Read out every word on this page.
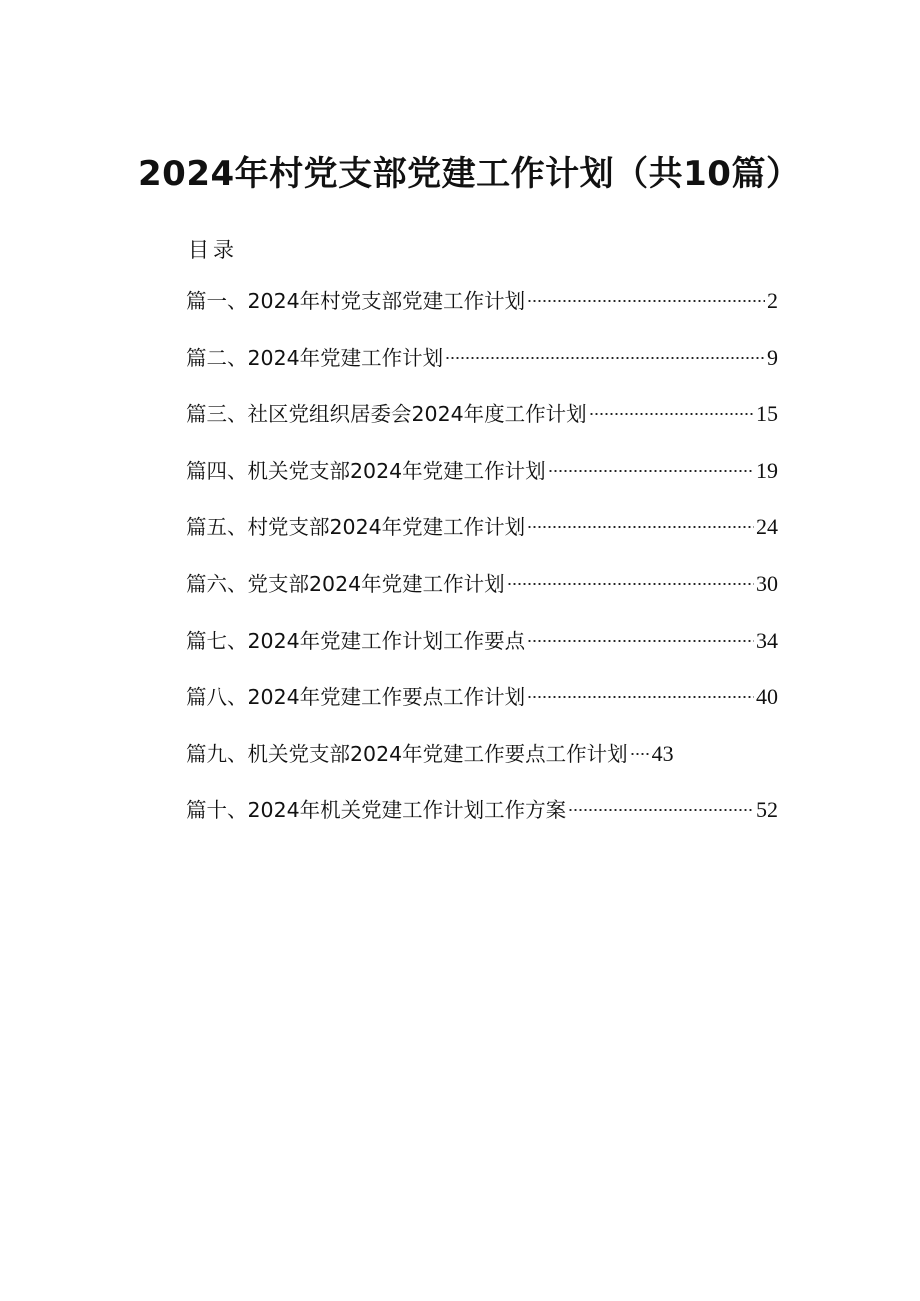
2024年村党支部党建工作计划（共10篇）
目录
篇一、2024年村党支部党建工作计划	2
篇二、2024年党建工作计划	9
篇三、社区党组织居委会2024年度工作计划	15
篇四、机关党支部2024年党建工作计划	19
篇五、村党支部2024年党建工作计划	24
篇六、党支部2024年党建工作计划	30
篇七、2024年党建工作计划工作要点	34
篇八、2024年党建工作要点工作计划	40
篇九、机关党支部2024年党建工作要点工作计划 43
篇十、2024年机关党建工作计划工作方案	52
